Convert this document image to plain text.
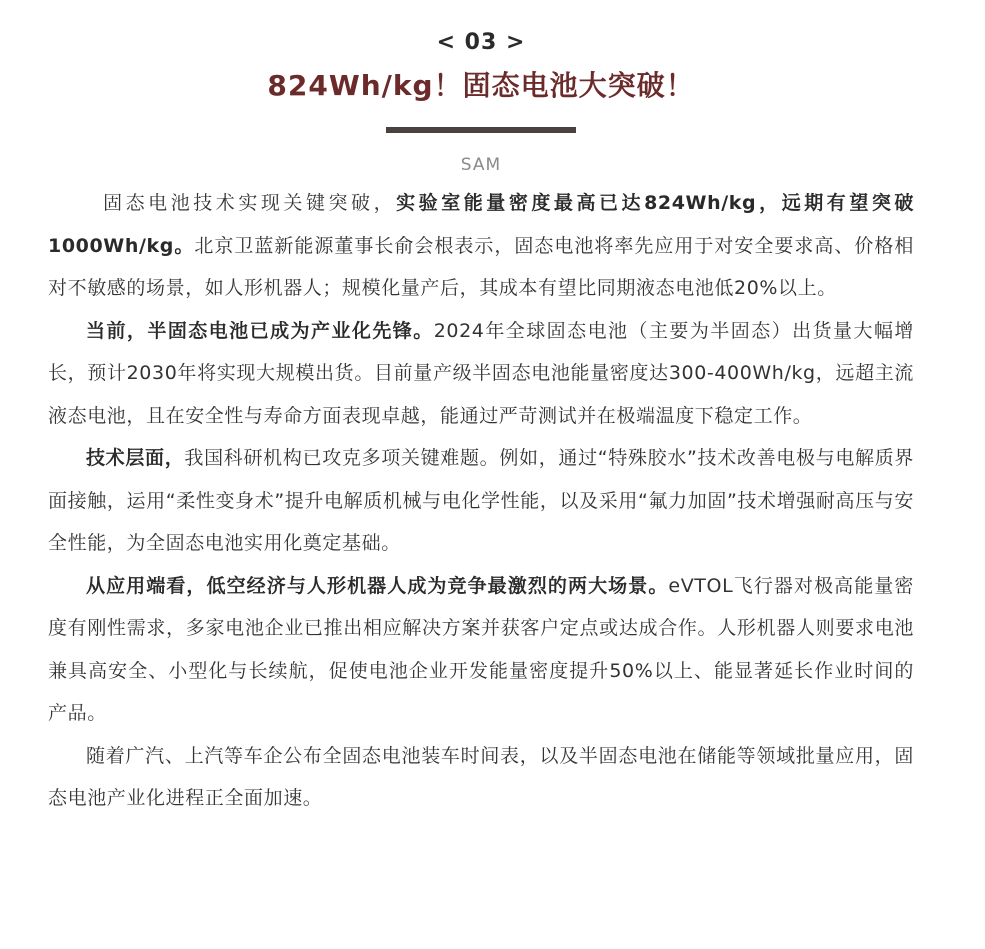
< 03 >
824Wh/kg！固态电池大突破！
SAM

固态电池技术实现关键突破，实验室能量密度最高已达824Wh/kg，远期有望突破1000Wh/kg。北京卫蓝新能源董事长俞会根表示，固态电池将率先应用于对安全要求高、价格相对不敏感的场景，如人形机器人；规模化量产后，其成本有望比同期液态电池低20%以上。

当前，半固态电池已成为产业化先锋。2024年全球固态电池（主要为半固态）出货量大幅增长，预计2030年将实现大规模出货。目前量产级半固态电池能量密度达300-400Wh/kg，远超主流液态电池，且在安全性与寿命方面表现卓越，能通过严苛测试并在极端温度下稳定工作。

技术层面，我国科研机构已攻克多项关键难题。例如，通过“特殊胶水”技术改善电极与电解质界面接触，运用“柔性变身术”提升电解质机械与电化学性能，以及采用“氟力加固”技术增强耐高压与安全性能，为全固态电池实用化奠定基础。

从应用端看，低空经济与人形机器人成为竞争最激烈的两大场景。eVTOL飞行器对极高能量密度有刚性需求，多家电池企业已推出相应解决方案并获客户定点或达成合作。人形机器人则要求电池兼具高安全、小型化与长续航，促使电池企业开发能量密度提升50%以上、能显著延长作业时间的产品。

随着广汽、上汽等车企公布全固态电池装车时间表，以及半固态电池在储能等领域批量应用，固态电池产业化进程正全面加速。
